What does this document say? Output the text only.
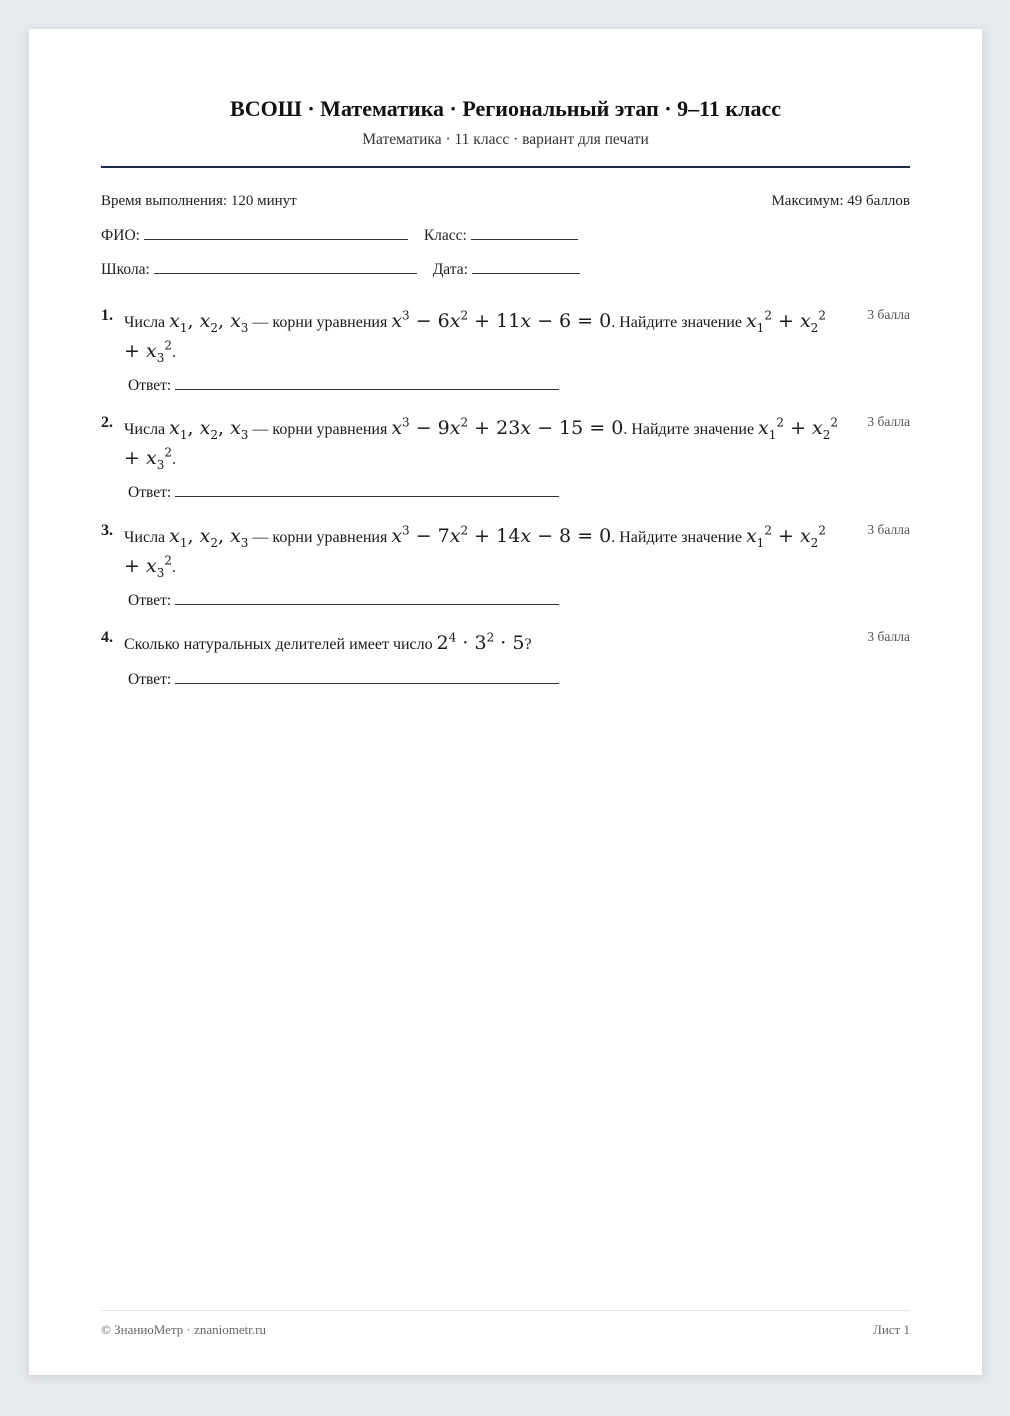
ВСОШ · Математика · Региональный этап · 9–11 класс
Математика · 11 класс · вариант для печати
Время выполнения: 120 минут	Максимум: 49 баллов
ФИО:	Класс:
Школа:	Дата:
1. Числа $x_1$, $x_2$, $x_3$ — корни уравнения $x^3 - 6x^2 + 11x - 6 = 0$. Найдите значение $x_1^2 + x_2^2 + x_3^2$.
3 балла
Ответ:
2. Числа $x_1$, $x_2$, $x_3$ — корни уравнения $x^3 - 9x^2 + 23x - 15 = 0$. Найдите значение $x_1^2 + x_2^2 + x_3^2$.
3 балла
Ответ:
3. Числа $x_1$, $x_2$, $x_3$ — корни уравнения $x^3 - 7x^2 + 14x - 8 = 0$. Найдите значение $x_1^2 + x_2^2 + x_3^2$.
3 балла
Ответ:
4. Сколько натуральных делителей имеет число $2^4 \cdot 3^2 \cdot 5$?	3 балла
Ответ:
© ЗнаниоМетр · znaniometr.ru	Лист 1
